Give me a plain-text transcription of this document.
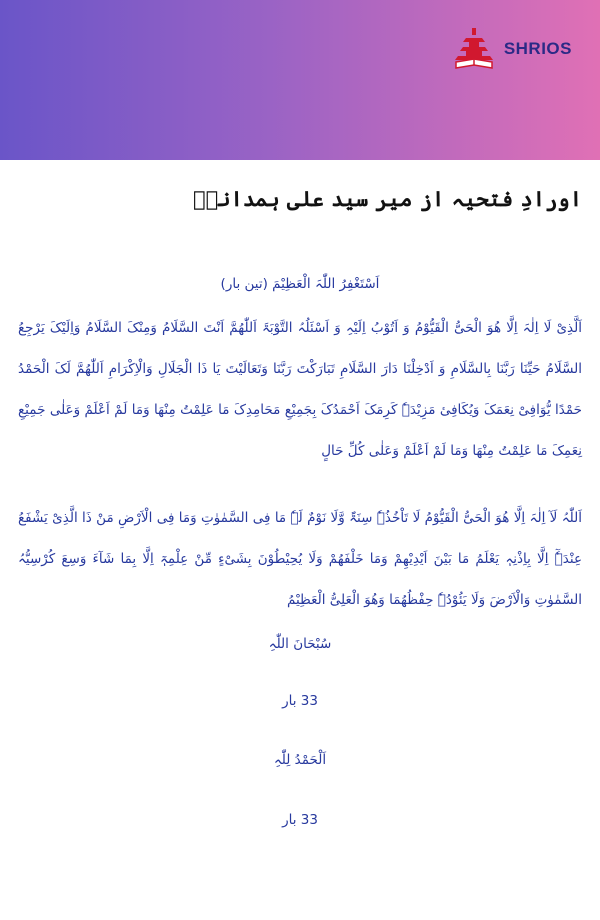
SHRIOS
اورادِ فتحیہ از میر سید علی ہمدانیؒ
اَسْتَغْفِرُ اللّٰہَ الْعَظِیْمَ (تین بار)

اَلَّذِیْ لَا اِلٰہَ اِلَّا ھُوَ الْحَیُّ الْقَیُّوْمُ وَ اَتُوْبُ اِلَیْہِ وَ اَسْئَلُہُ التَّوْبَۃَ اَللّٰھُمَّ اَنْتَ السَّلَامُ وَمِنْکَ السَّلَامُ وَاِلَیْکَ یَرْجِعُ السَّلَامُ حَیِّنَا رَبَّنَا بِالسَّلَامِ وَ اَدْخِلْنَا دَارَ السَّلَامِ تَبَارَکْتَ رَبَّنَا وَتَعَالَیْتَ یَا ذَا الْجَلَالِ وَالْاِکْرَامِ اَللّٰھُمَّ لَکَ الْحَمْدُ حَمْدًا یُّوَافِیْ نِعَمَکَ وَیُکَافِیٔ مَزِیْدَہٗ کَرِمَکَ اَحْمَدُکَ بِجَمِیْعِ مَحَامِدِکَ مَا عَلِمْتُ مِنْھَا وَمَا لَمْ اَعْلَمْ وَعَلٰی جَمِیْعِ نِعَمِکَ مَا عَلِمْتُ مِنْھَا وَمَا لَمْ اَعْلَمْ وَعَلٰی کُلِّ حَالٍ

اَللّٰہُ لَآ اِلٰہَ اِلَّا ھُوَ الْحَیُّ الْقَیُّوْمُ لَا تَاْخُذُہٗ سِنَۃٌ وَّلَا نَوْمٌ لَہٗ مَا فِی السَّمٰوٰتِ وَمَا فِی الْاَرْضِ مَنْ ذَا الَّذِیْ یَشْفَعُ عِنْدَہٗٓ اِلَّا بِاِذْنِہٖ یَعْلَمُ مَا بَیْنَ اَیْدِیْھِمْ وَمَا خَلْفَھُمْ وَلَا یُحِیْطُوْنَ بِشَیْءٍ مِّنْ عِلْمِہٖٓ اِلَّا بِمَا شَآءَ وَسِعَ کُرْسِیُّہُ السَّمٰوٰتِ وَالْاَرْضَ وَلَا یَئُوْدُہٗ حِفْظُھُمَا وَھُوَ الْعَلِیُّ الْعَظِیْمُ

سُبْحَانَ اللّٰہِ
33 بار
اَلْحَمْدُ لِلّٰہِ
33 بار
